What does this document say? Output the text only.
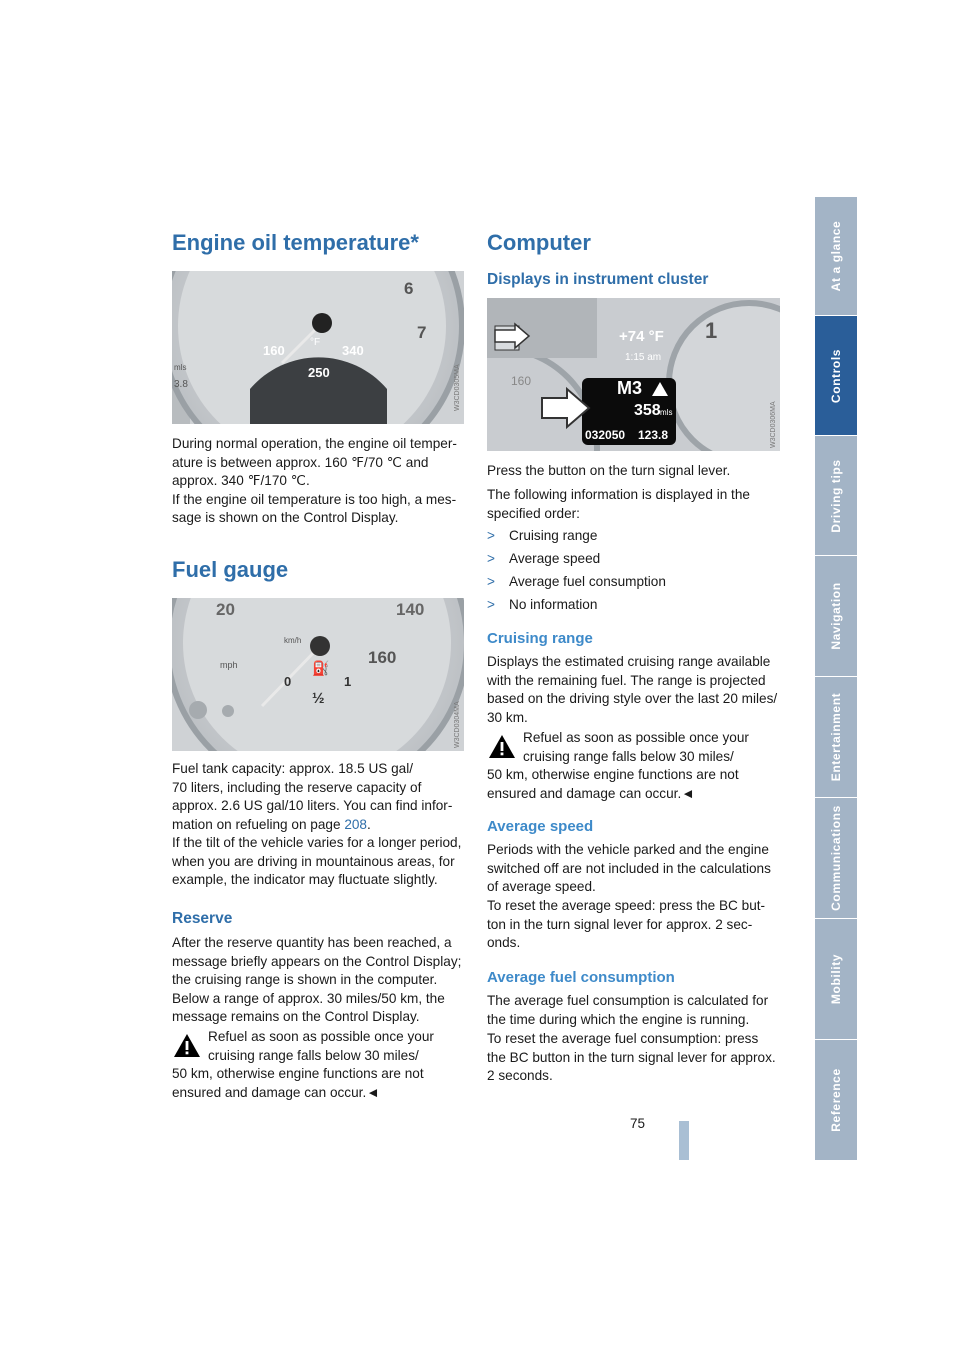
Engine oil temperature*
160
°F
340
250
6
7
3.8
mls	W3CD0305MA

During normal operation, the engine oil temper-
ature is between approx. 160 ℉/70 ℃ and
approx. 340 ℉/170 ℃.
If the engine oil temperature is too high, a mes-
sage is shown on the Control Display.

Fuel gauge
20	140
160
1
0
½
mph
km/h
⛽
W3CD0304MA

Fuel tank capacity: approx. 18.5 US gal/
70 liters, including the reserve capacity of
approx. 2.6 US gal/10 liters. You can find infor-
mation on refueling on page 208.

If the tilt of the vehicle varies for a longer period,
when you are driving in mountainous areas, for
example, the indicator may fluctuate slightly.

Reserve

After the reserve quantity has been reached, a
message briefly appears on the Control Display;
the cruising range is shown in the computer.
Below a range of approx. 30 miles/50 km, the
message remains on the Control Display.

Refuel as soon as possible once your
cruising range falls below 30 miles/

50 km, otherwise engine functions are not
ensured and damage can occur.◄

Computer
Displays in instrument cluster
+74 °F
1:15 am
M3
358 mls
032050 123.8
1
160
W3CD0306MA

Press the button on the turn signal lever.

The following information is displayed in the
specified order:

>	Cruising range
>	Average speed
>	Average fuel consumption
>	No information
Cruising range

Displays the estimated cruising range available
with the remaining fuel. The range is projected
based on the driving style over the last 20 miles/
30 km.

Refuel as soon as possible once your
cruising range falls below 30 miles/

50 km, otherwise engine functions are not
ensured and damage can occur.◄

Average speed

Periods with the vehicle parked and the engine
switched off are not included in the calculations
of average speed.

To reset the average speed: press the BC but-
ton in the turn signal lever for approx. 2 sec-
onds.

Average fuel consumption

The average fuel consumption is calculated for
the time during which the engine is running.

To reset the average fuel consumption: press
the BC button in the turn signal lever for approx.
2 seconds.

75
At a glance
Controls
Driving tips
Navigation
Entertainment
Communications
Mobility
Reference
